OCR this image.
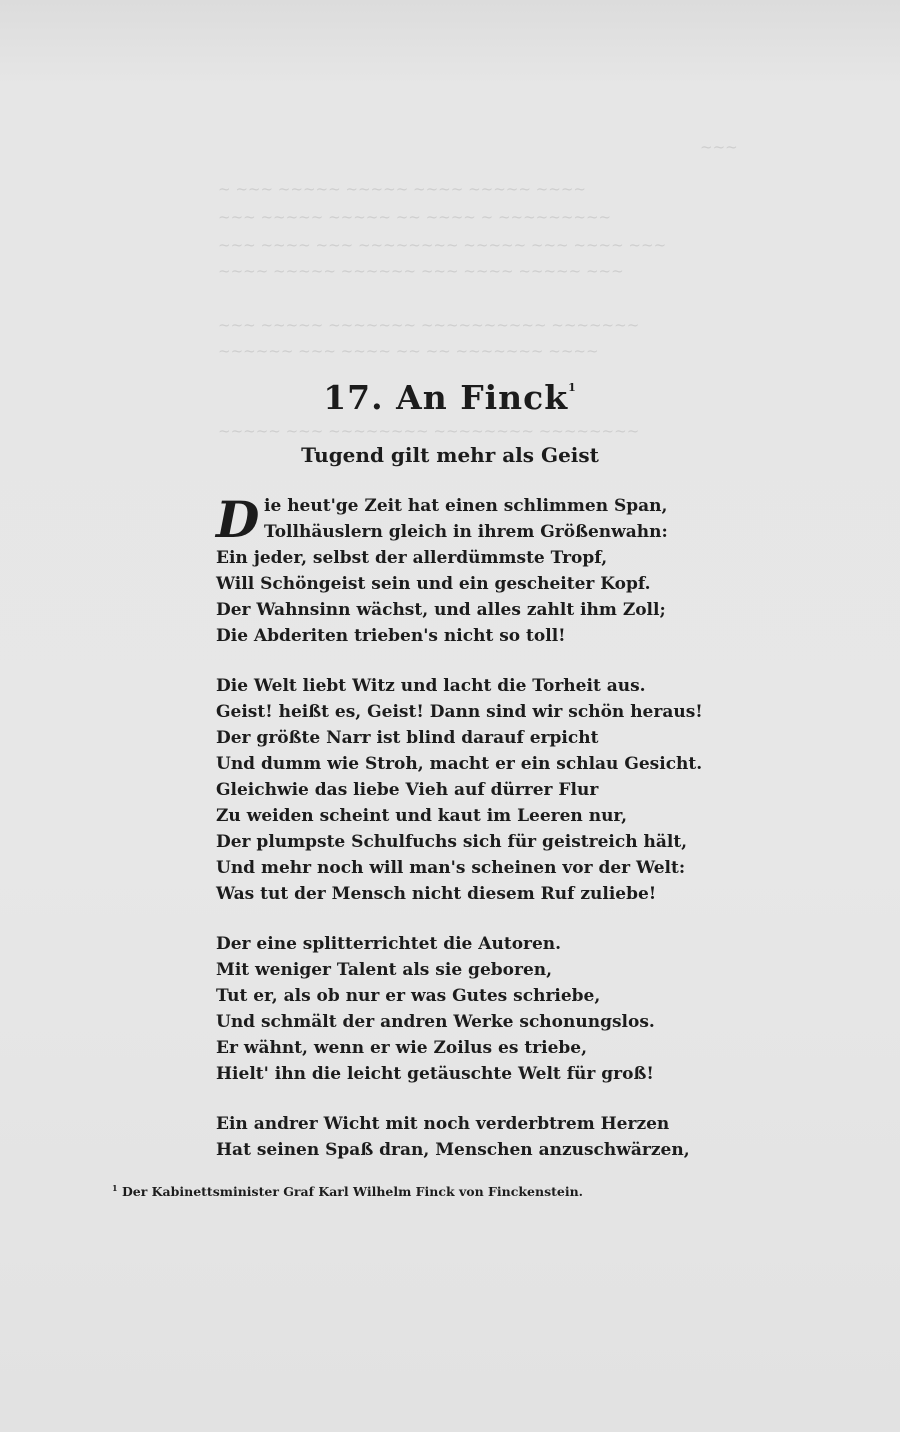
~ ~~~ ~~~~~ ~~~~~ ~~~~ ~~~~~ ~~~~
~~~ ~~~~~ ~~~~~ ~~ ~~~~ ~ ~~~~~~~~~
~~~ ~~~~ ~~~ ~~~~~~~~ ~~~~~ ~~~ ~~~~ ~~~
~~~~ ~~~~~ ~~~~~~ ~~~ ~~~~ ~~~~~ ~~~
~~~ ~~~~~ ~~~~~~~ ~~~~~~~~~~ ~~~~~~~
~~~~~~ ~~~ ~~~~ ~~ ~~ ~~~~~~~ ~~~~
~~~~~ ~~~ ~~~~~~~~ ~~~~~~~~ ~~~~~~~~
~~~
17. An Finck$^1$
Tugend gilt mehr als Geist
D ie heut'ge Zeit hat einen schlimmen Span,
Tollhäuslern gleich in ihrem Größenwahn:
Ein jeder, selbst der allerdümmste Tropf,
Will Schöngeist sein und ein gescheiter Kopf.
Der Wahnsinn wächst, und alles zahlt ihm Zoll;
Die Abderiten trieben's nicht so toll!
Die Welt liebt Witz und lacht die Torheit aus.
Geist! heißt es, Geist! Dann sind wir schön heraus!
Der größte Narr ist blind darauf erpicht
Und dumm wie Stroh, macht er ein schlau Gesicht.
Gleichwie das liebe Vieh auf dürrer Flur
Zu weiden scheint und kaut im Leeren nur,
Der plumpste Schulfuchs sich für geistreich hält,
Und mehr noch will man's scheinen vor der Welt:
Was tut der Mensch nicht diesem Ruf zuliebe!
Der eine splitterrichtet die Autoren.
Mit weniger Talent als sie geboren,
Tut er, als ob nur er was Gutes schriebe,
Und schmält der andren Werke schonungslos.
Er wähnt, wenn er wie Zoilus es triebe,
Hielt' ihn die leicht getäuschte Welt für groß!
Ein andrer Wicht mit noch verderbtrem Herzen
Hat seinen Spaß dran, Menschen anzuschwärzen,
$^1$ Der Kabinettsminister Graf Karl Wilhelm Finck von Finckenstein.
